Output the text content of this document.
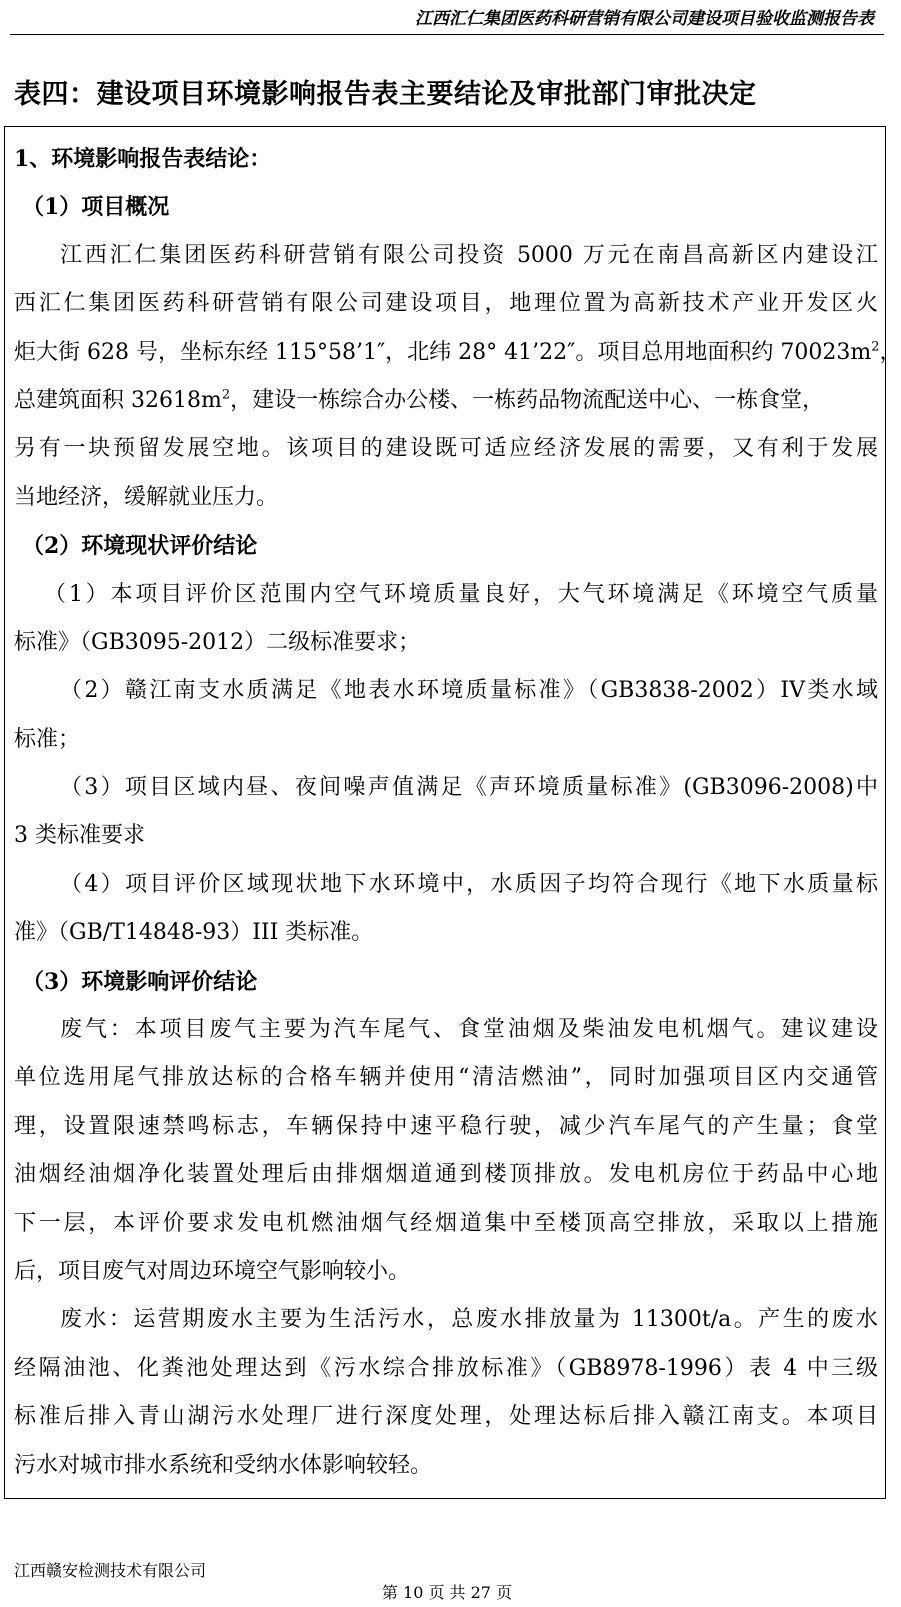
江西汇仁集团医药科研营销有限公司建设项目验收监测报告表
表四：建设项目环境影响报告表主要结论及审批部门审批决定
1、环境影响报告表结论：
（1）项目概况
江西汇仁集团医药科研营销有限公司投资 5000 万元在南昌高新区内建设江
西汇仁集团医药科研营销有限公司建设项目，地理位置为高新技术产业开发区火
炬大街 628 号，坐标东经 115°58’1″，北纬 28° 41’22″。项目总用地面积约 $70023m^2$，
总建筑面积 $32618m^2$，建设一栋综合办公楼、一栋药品物流配送中心、一栋食堂，
另有一块预留发展空地。该项目的建设既可适应经济发展的需要，又有利于发展
当地经济，缓解就业压力。
（2）环境现状评价结论
（1）本项目评价区范围内空气环境质量良好，大气环境满足《环境空气质量
标准》（GB3095-2012）二级标准要求；
（2）赣江南支水质满足《地表水环境质量标准》（GB3838-2002）IV类水域
标准；
（3）项目区域内昼、夜间噪声值满足《声环境质量标准》(GB3096-2008)中
3 类标准要求
（4）项目评价区域现状地下水环境中，水质因子均符合现行《地下水质量标
准》（GB/T14848-93）III 类标准。
（3）环境影响评价结论
废气：本项目废气主要为汽车尾气、食堂油烟及柴油发电机烟气。建议建设
单位选用尾气排放达标的合格车辆并使用“清洁燃油”，同时加强项目区内交通管
理，设置限速禁鸣标志，车辆保持中速平稳行驶，减少汽车尾气的产生量；食堂
油烟经油烟净化装置处理后由排烟烟道通到楼顶排放。发电机房位于药品中心地
下一层，本评价要求发电机燃油烟气经烟道集中至楼顶高空排放，采取以上措施
后，项目废气对周边环境空气影响较小。
废水：运营期废水主要为生活污水，总废水排放量为 11300t/a。产生的废水
经隔油池、化粪池处理达到《污水综合排放标准》（GB8978-1996）表 4 中三级
标准后排入青山湖污水处理厂进行深度处理，处理达标后排入赣江南支。本项目
污水对城市排水系统和受纳水体影响较轻。
江西赣安检测技术有限公司
第 10 页 共 27 页
